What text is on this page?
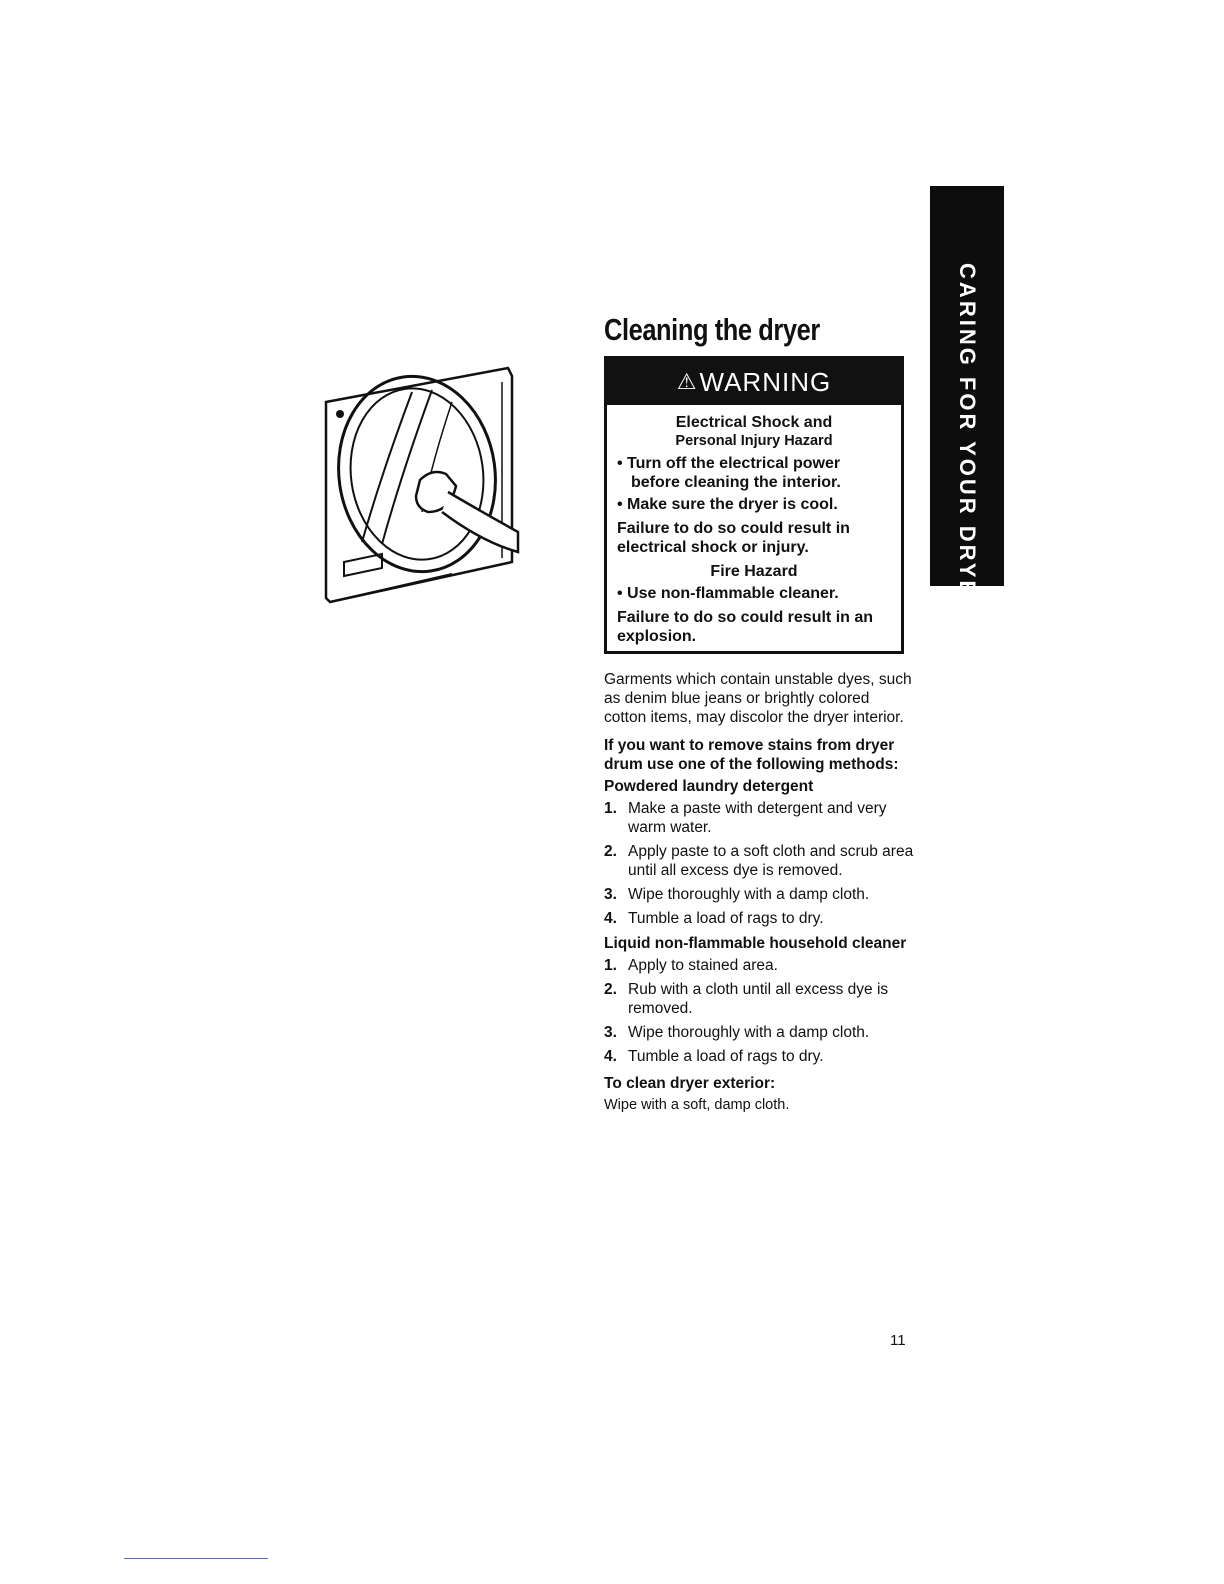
Cleaning the dryer
⚠ WARNING
Electrical Shock and
Personal Injury Hazard
• Turn off the electrical power
before cleaning the interior.
• Make sure the dryer is cool.
Failure to do so could result in electrical shock or injury.
Fire Hazard
• Use non-flammable cleaner.
Failure to do so could result in an explosion.

Garments which contain unstable dyes, such as denim blue jeans or brightly colored cotton items, may discolor the dryer interior.

If you want to remove stains from dryer drum use one of the following methods:

Powdered laundry detergent
1. Make a paste with detergent and very warm water.
2. Apply paste to a soft cloth and scrub area until all excess dye is removed.
3. Wipe thoroughly with a damp cloth.
4. Tumble a load of rags to dry.
Liquid non-flammable household cleaner
1. Apply to stained area.
2. Rub with a cloth until all excess dye is removed.
3. Wipe thoroughly with a damp cloth.
4. Tumble a load of rags to dry.
To clean dryer exterior:
Wipe with a soft, damp cloth.
CARING FOR YOUR DRYER
11
